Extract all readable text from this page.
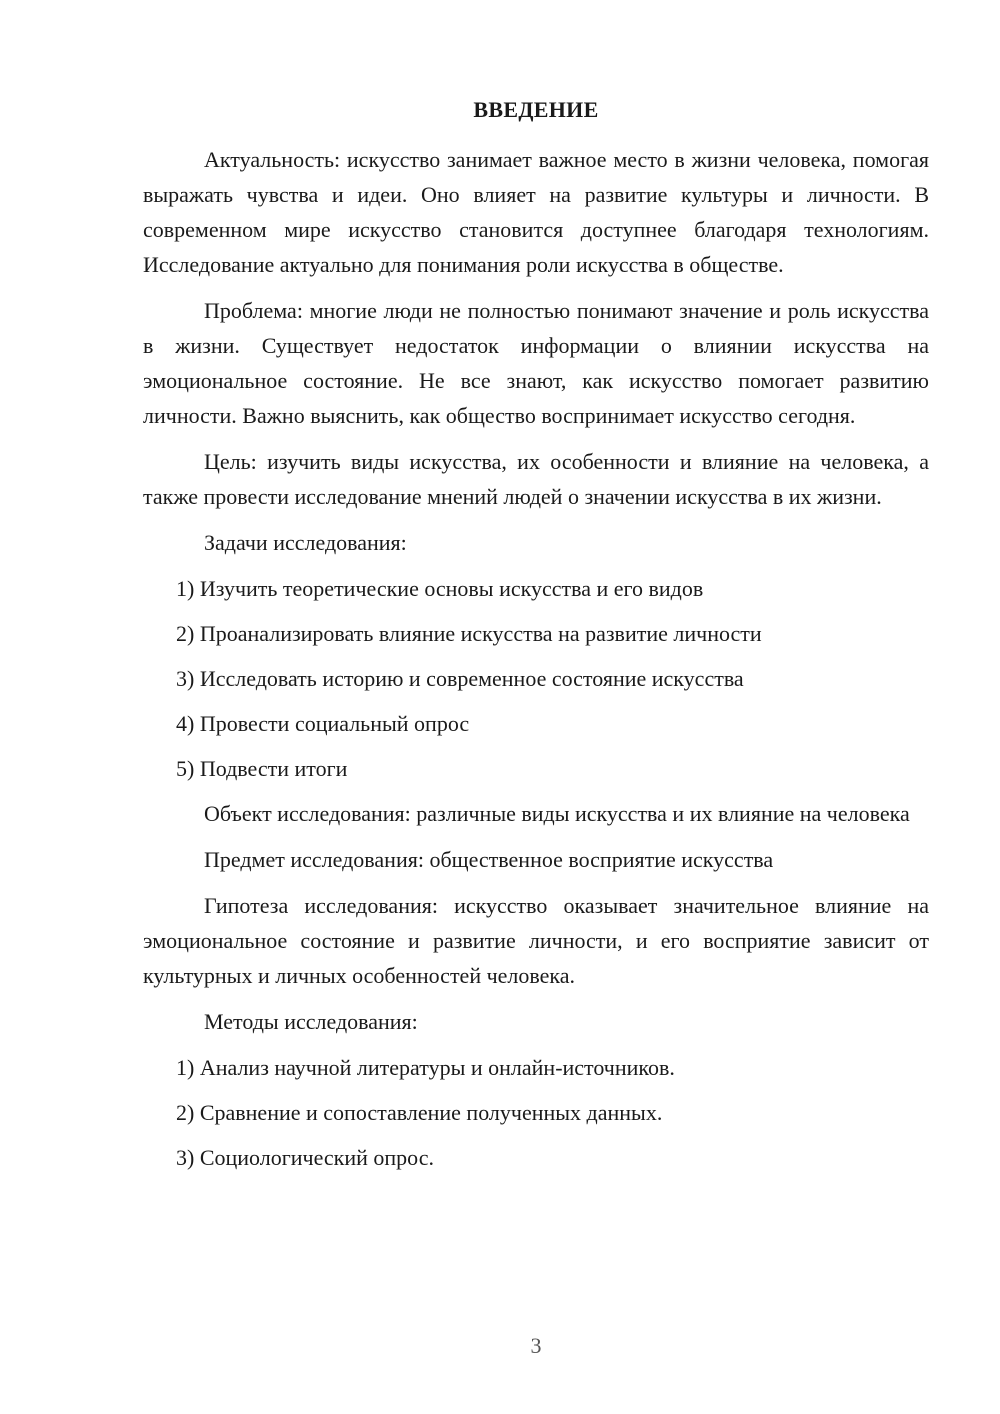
ВВЕДЕНИЕ

Актуальность: искусство занимает важное место в жизни человека, помогая выражать чувства и идеи. Оно влияет на развитие культуры и личности. В современном мире искусство становится доступнее благодаря технологиям. Исследование актуально для понимания роли искусства в обществе.

Проблема: многие люди не полностью понимают значение и роль искусства в жизни. Существует недостаток информации о влиянии искусства на эмоциональное состояние. Не все знают, как искусство помогает развитию личности. Важно выяснить, как общество воспринимает искусство сегодня.

Цель: изучить виды искусства, их особенности и влияние на человека, а также провести исследование мнений людей о значении искусства в их жизни.

Задачи исследования:

1) Изучить теоретические основы искусства и его видов

2) Проанализировать влияние искусства на развитие личности

3) Исследовать историю и современное состояние искусства

4) Провести социальный опрос

5) Подвести итоги

Объект исследования: различные виды искусства и их влияние на человека

Предмет исследования: общественное восприятие искусства

Гипотеза исследования: искусство оказывает значительное влияние на эмоциональное состояние и развитие личности, и его восприятие зависит от культурных и личных особенностей человека.

Методы исследования:

1) Анализ научной литературы и онлайн-источников.

2) Сравнение и сопоставление полученных данных.

3) Социологический опрос.

3
